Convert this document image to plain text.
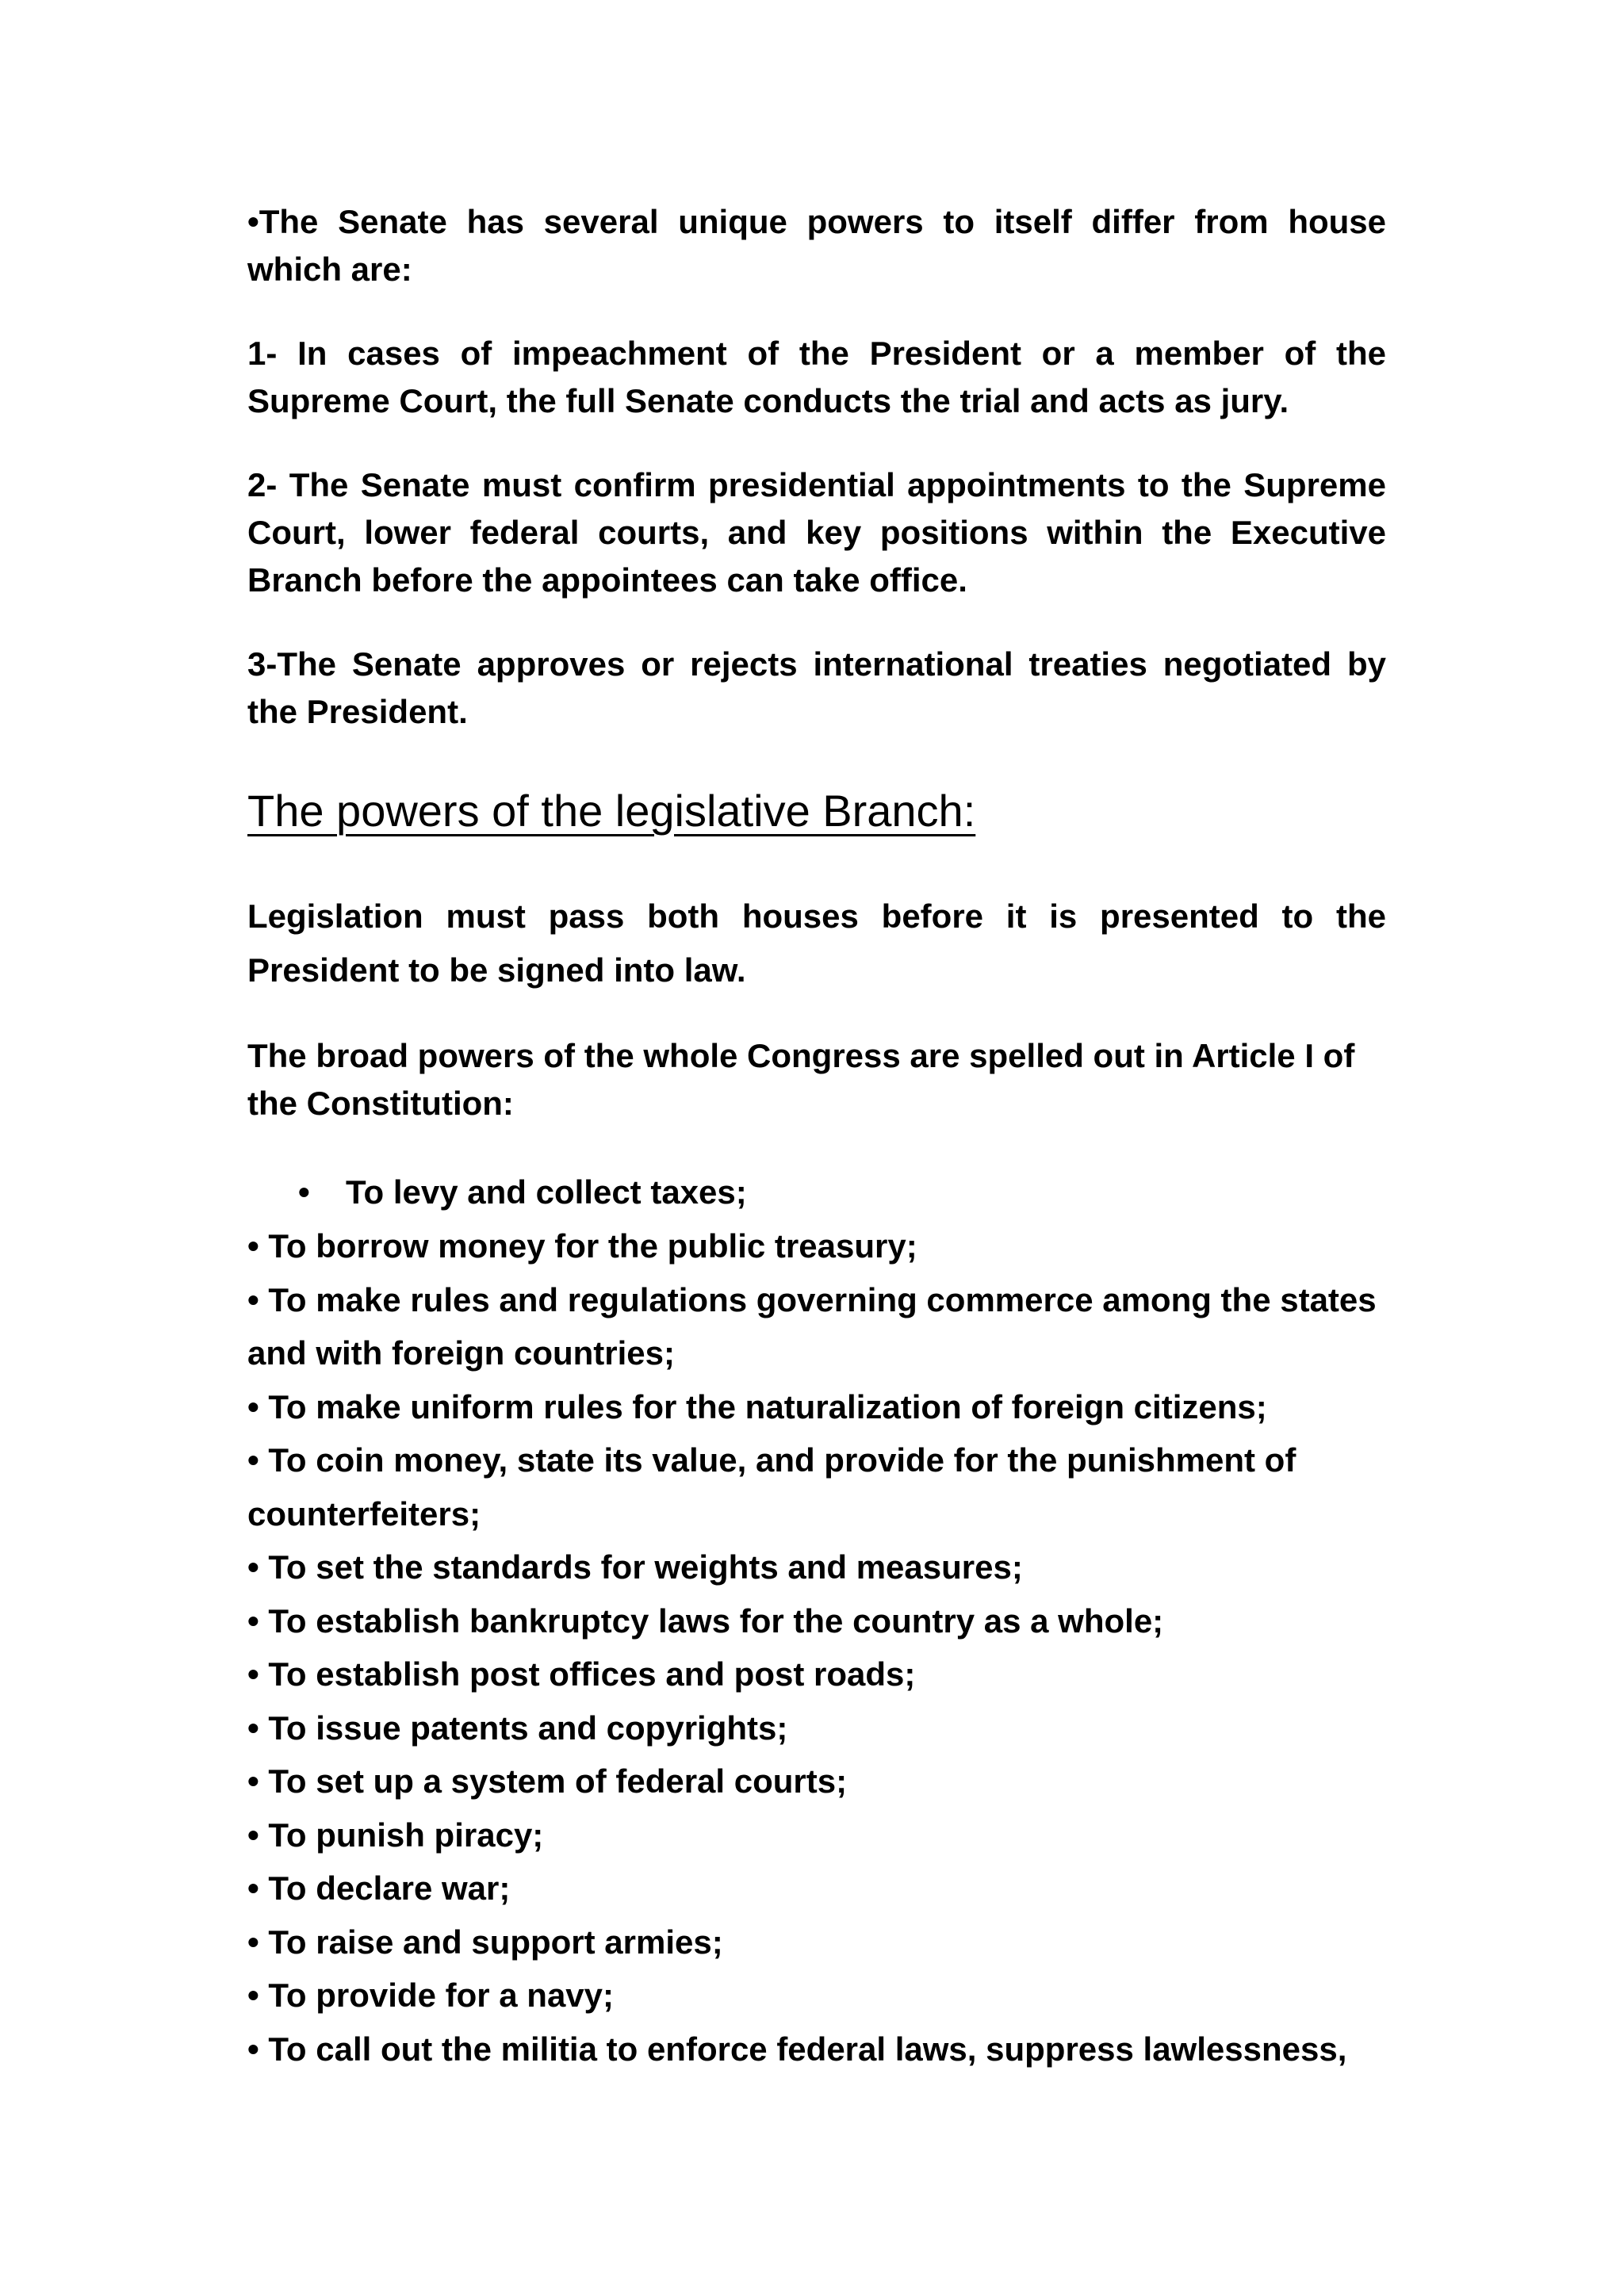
•The Senate has several unique powers to itself differ from house which are:

1- In cases of impeachment of the President or a member of the Supreme Court, the full Senate conducts the trial and acts as jury.

2- The Senate must confirm presidential appointments to the Supreme Court, lower federal courts, and key positions within the Executive Branch before the appointees can take office.

3-The Senate approves or rejects international treaties negotiated by the President.

The powers of the legislative Branch:

Legislation must pass both houses before it is presented to the President to be signed into law.

The broad powers of the whole Congress are spelled out in Article I of the Constitution:

• To levy and collect taxes;
• To borrow money for the public treasury;
• To make rules and regulations governing commerce among the states and with foreign countries;
• To make uniform rules for the naturalization of foreign citizens;
• To coin money, state its value, and provide for the punishment of counterfeiters;
• To set the standards for weights and measures;
• To establish bankruptcy laws for the country as a whole;
• To establish post offices and post roads;
• To issue patents and copyrights;
• To set up a system of federal courts;
• To punish piracy;
• To declare war;
• To raise and support armies;
• To provide for a navy;
• To call out the militia to enforce federal laws, suppress lawlessness,
